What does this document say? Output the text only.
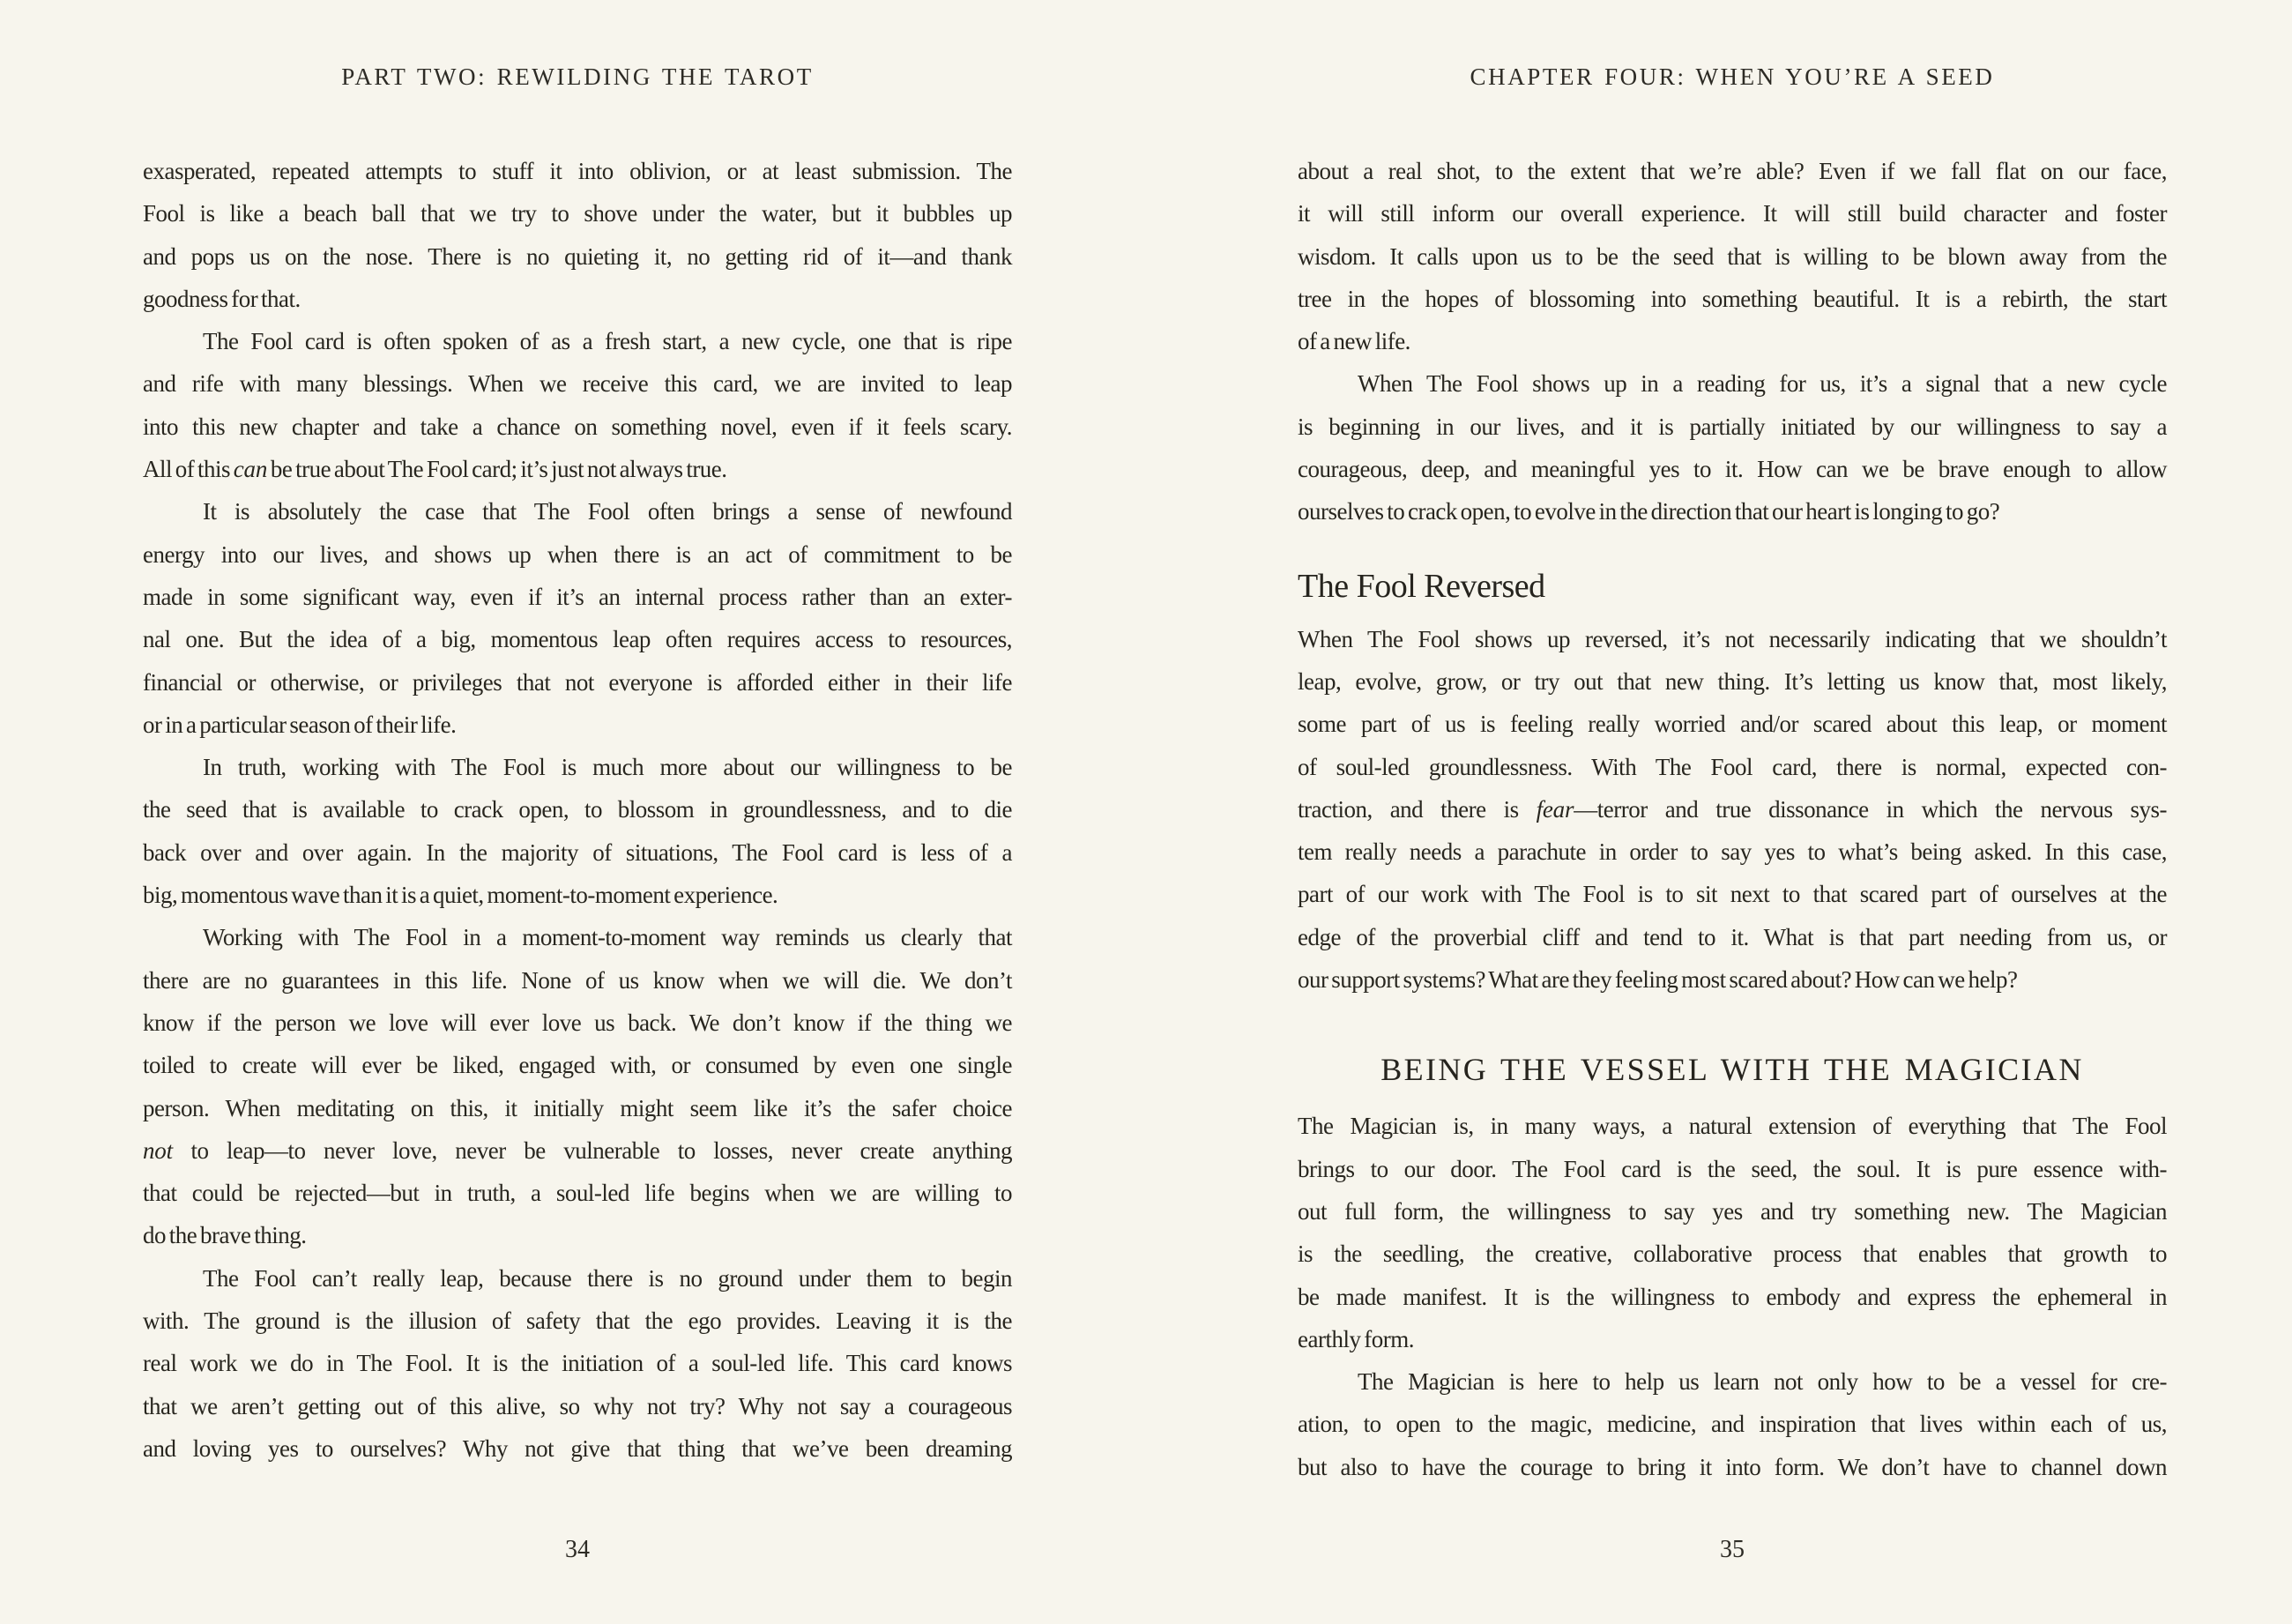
PART TWO: REWILDING THE TAROT
exasperated, repeated attempts to stuff it into oblivion, or at least submission. The
Fool is like a beach ball that we try to shove under the water, but it bubbles up
and pops us on the nose. There is no quieting it, no getting rid of it—and thank
goodness for that.
The Fool card is often spoken of as a fresh start, a new cycle, one that is ripe
and rife with many blessings. When we receive this card, we are invited to leap
into this new chapter and take a chance on something novel, even if it feels scary.
All of this can be true about The Fool card; it’s just not always true.
It is absolutely the case that The Fool often brings a sense of newfound
energy into our lives, and shows up when there is an act of commitment to be
made in some significant way, even if it’s an internal process rather than an exter-
nal one. But the idea of a big, momentous leap often requires access to resources,
financial or otherwise, or privileges that not everyone is afforded either in their life
or in a particular season of their life.
In truth, working with The Fool is much more about our willingness to be
the seed that is available to crack open, to blossom in groundlessness, and to die
back over and over again. In the majority of situations, The Fool card is less of a
big, momentous wave than it is a quiet, moment-to-moment experience.
Working with The Fool in a moment-to-moment way reminds us clearly that
there are no guarantees in this life. None of us know when we will die. We don’t
know if the person we love will ever love us back. We don’t know if the thing we
toiled to create will ever be liked, engaged with, or consumed by even one single
person. When meditating on this, it initially might seem like it’s the safer choice
not to leap—to never love, never be vulnerable to losses, never create anything
that could be rejected—but in truth, a soul-led life begins when we are willing to
do the brave thing.
The Fool can’t really leap, because there is no ground under them to begin
with. The ground is the illusion of safety that the ego provides. Leaving it is the
real work we do in The Fool. It is the initiation of a soul-led life. This card knows
that we aren’t getting out of this alive, so why not try? Why not say a courageous
and loving yes to ourselves? Why not give that thing that we’ve been dreaming
34
CHAPTER FOUR: WHEN YOU’RE A SEED
about a real shot, to the extent that we’re able? Even if we fall flat on our face,
it will still inform our overall experience. It will still build character and foster
wisdom. It calls upon us to be the seed that is willing to be blown away from the
tree in the hopes of blossoming into something beautiful. It is a rebirth, the start
of a new life.
When The Fool shows up in a reading for us, it’s a signal that a new cycle
is beginning in our lives, and it is partially initiated by our willingness to say a
courageous, deep, and meaningful yes to it. How can we be brave enough to allow
ourselves to crack open, to evolve in the direction that our heart is longing to go?
The Fool Reversed
When The Fool shows up reversed, it’s not necessarily indicating that we shouldn’t
leap, evolve, grow, or try out that new thing. It’s letting us know that, most likely,
some part of us is feeling really worried and/or scared about this leap, or moment
of soul-led groundlessness. With The Fool card, there is normal, expected con-
traction, and there is fear—terror and true dissonance in which the nervous sys-
tem really needs a parachute in order to say yes to what’s being asked. In this case,
part of our work with The Fool is to sit next to that scared part of ourselves at the
edge of the proverbial cliff and tend to it. What is that part needing from us, or
our support systems? What are they feeling most scared about? How can we help?
BEING THE VESSEL WITH THE MAGICIAN
The Magician is, in many ways, a natural extension of everything that The Fool
brings to our door. The Fool card is the seed, the soul. It is pure essence with-
out full form, the willingness to say yes and try something new. The Magician
is the seedling, the creative, collaborative process that enables that growth to
be made manifest. It is the willingness to embody and express the ephemeral in
earthly form.
The Magician is here to help us learn not only how to be a vessel for cre-
ation, to open to the magic, medicine, and inspiration that lives within each of us,
but also to have the courage to bring it into form. We don’t have to channel down
35
